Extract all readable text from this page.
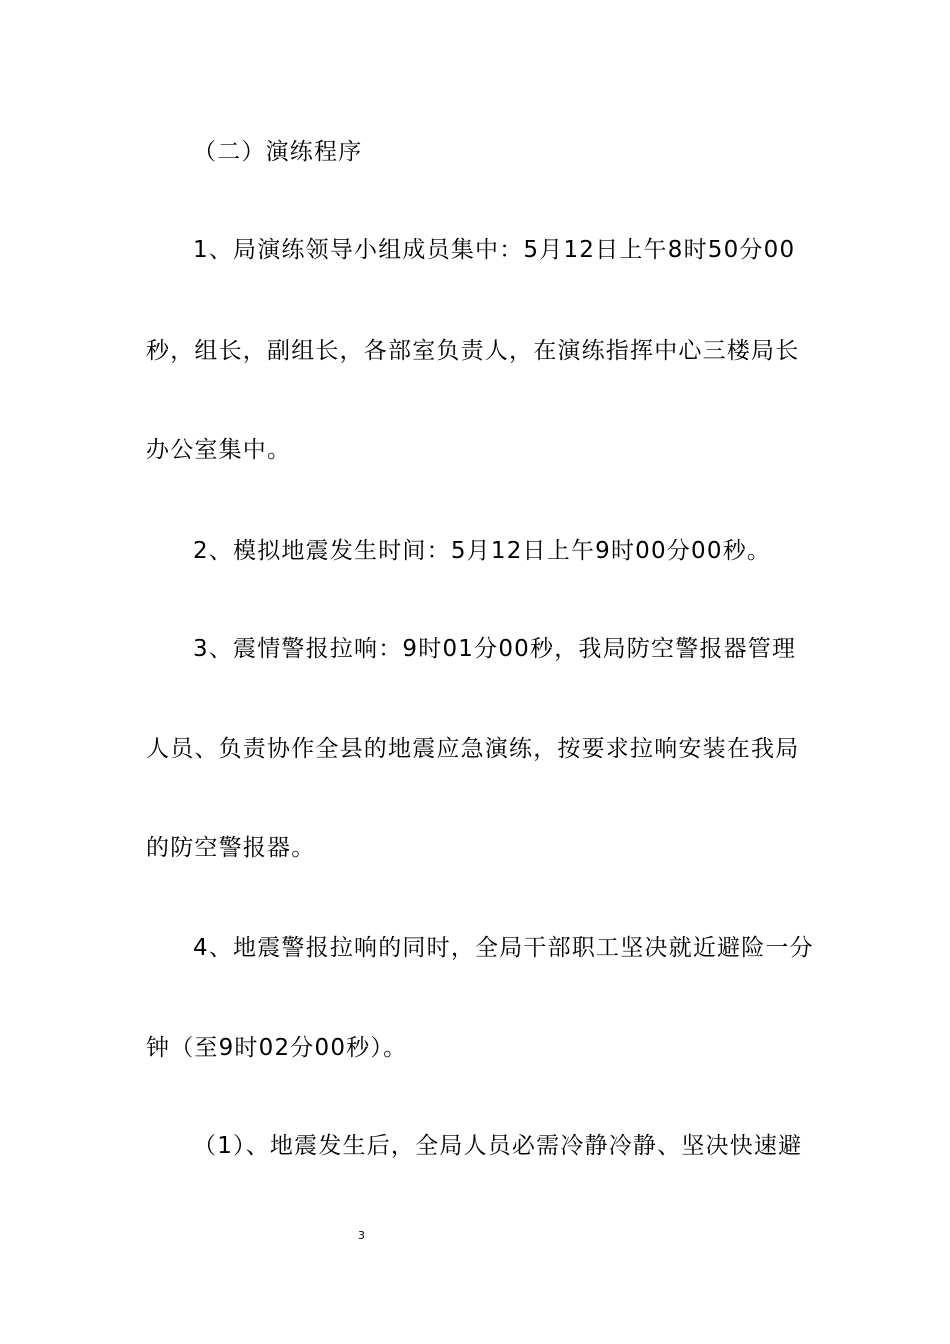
（二）演练程序
1、局演练领导小组成员集中：5月12日上午8时50分00
秒，组长，副组长，各部室负责人，在演练指挥中心三楼局长
办公室集中。
2、模拟地震发生时间：5月12日上午9时00分00秒。
3、震情警报拉响：9时01分00秒，我局防空警报器管理
人员、负责协作全县的地震应急演练，按要求拉响安装在我局
的防空警报器。
4、地震警报拉响的同时，全局干部职工坚决就近避险一分
钟（至9时02分00秒）。
（1）、地震发生后，全局人员必需冷静冷静、坚决快速避
3
